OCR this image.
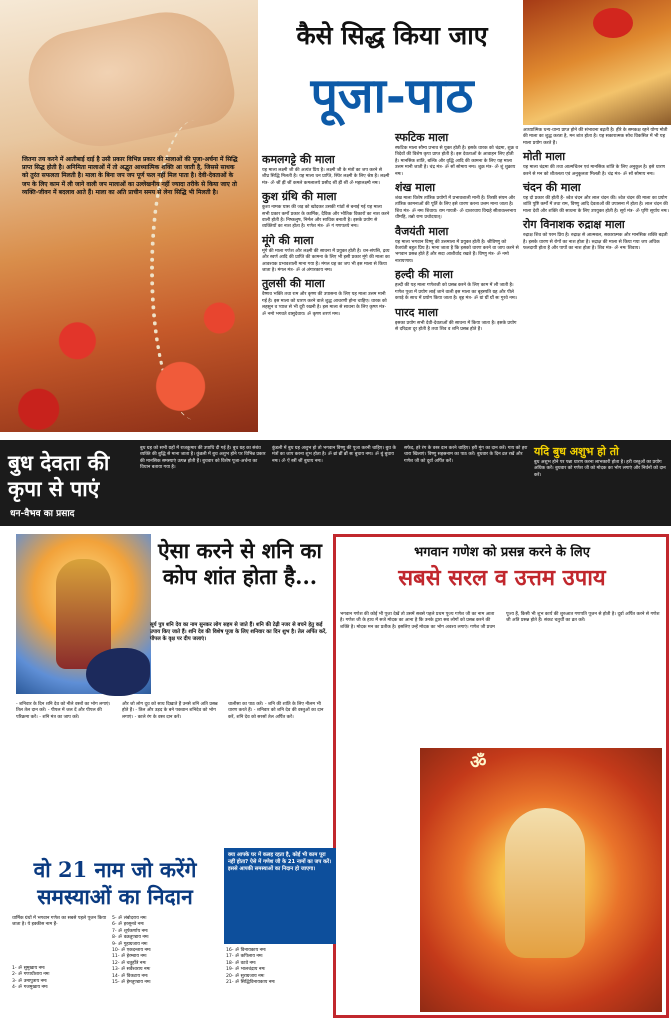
जितना तय करने में आतीबाई दाई है उसी प्रकार विभिन्न प्रकार की मालाओं की पूजा-अर्चना में सिद्धि प्राप्त सिद्ध होती है। अनिमिता मालाओं में तो अद्भुत आध्यात्मिक शक्ति आ जाती है, जिससे साधक को तुरंत सफलता मिलती है। माला के बिना जप जप पूर्ण फल नहीं मिल पाता है। देवी-देवताओं के जप के लिए काम में ली जाने वाली जप मालाओं का उल्लेखनीय नहीं ज्यादा तरीके से किया जाए तो व्यक्ति-जीवन में बदलाव आते हैं। माला का अति प्राचीन समय से लेना सिद्धि भी मिलती है।
कैसे सिद्ध किया जाए
पूजा-पाठ
कमलगट्टे की माला

यह माला लक्ष्मी जी की अत्यंत प्रिय है। लक्ष्मी जी के मंत्रों का जप करने से शीघ्र सिद्धि मिलती है। यह माला धन प्राप्ति, स्थिर लक्ष्मी के लिए श्रेष्ठ है। लक्ष्मी मंत्र- ॐ श्रीं ह्रीं श्रीं कमले कमलालये प्रसीद श्रीं ह्रीं श्रीं ॐ महालक्ष्म्यै नमः।

कुश ग्रंथि की माला

कुशा नामक घास की जड़ को खोदकर उसकी गांठों से बनाई गई यह माला सभी प्रकार कर्मों प्रकार के कार्मिक, दैविक और भौतिक विकारों का नाश करने वाली होती है। निष्कलुष, निर्मल और साधिक बनाती है। इसके प्रयोग से व्यक्तियों का नाश होता है। गणेश मंत्र- ॐ गं गणपतये नमः।

मूंगे की माला

मूंगे की माला गणेश और लक्ष्मी की साधना में प्रयुक्त होती है। धन-संपत्ति, द्रव्य और स्वर्ण आदि की प्राप्ति की कामना के लिए भी इसी प्रकार मूंगे की माला का आवश्यक प्रभावशाली माना गया है। मंगल ग्रह का जप भी इस माला से किया जाता है। मंगल मंत्र- ॐ अं अंगारकाय नमः।

तुलसी की माला

वैष्णव भक्ति तथा राम और कृष्ण की उपासना के लिए यह माला उत्तम मानी गई है। इस माला को धारण करने वाले शुद्ध आचरणी होना चाहिए। धारक को लहसुन व प्याज से भी दूरी रखनी है। इस माला से साधना के लिए कृष्ण मंत्र- ॐ नमो भगवते वासुदेवाय। ॐ कृष्ण शरणं ममः।

स्फटिक माला

स्फटिक माला सौम्य प्रभाव से युक्त होती है। इसके धारक को चंद्रमा, शुक्र व त्रिदेवों की विशेष कृपा प्राप्त होती है। इस देवताओं के आवाहन लिए होती है। मानसिक शांति, बल्कि और वृद्धि आदि की कामना के लिए यह माला उत्तम मानी जाती है। चंद्र मंत्र- ॐ सों सोमाय नमः। शुक्र मंत्र- ॐ शुं शुक्राय नमः।

शंख माला

शंख माला विशेष तांत्रिक प्रयोगों में प्रभावशाली मानी है। तिरछी संयम और तांत्रिक कामनाओं की पूर्ति के लिए इसे धारण करना उत्तम माना जाता है। शिव मंत्र- ॐ नमः शिवाय। राम गायत्री- ॐ दाशरथाय विद्महे सीतावल्लभाय धीमहि, तन्नो रामः प्रचोदयात्।

वैजयंती माला

यह माला भगवान विष्णु की उत्तमाला में प्रयुक्त होती है। श्रीविष्णु को वैजयंती बहुत प्रिय है। माना जाता है कि इसको धारण करने वा जाप करने से भगवान प्रसन्न होते हैं और सदा आशीर्वाद रखते हैं। विष्णु मंत्र- ॐ नमो नारायणाय।

हल्दी की माला

हल्दी की यह माला गणेशजी को प्रसन्न करने के लिए काम में ली जाती है। गणेश पूजा में प्रयोग लाई जाने वाली इस माला का बृहस्पति ग्रह और पीले कपड़े के साथ में प्रयोग किया जाता है। बृह मंत्र- ॐ ग्रां ग्रीं ग्रौं सः गुरवे नमः।

पारद माला

इसका प्रयोग सभी देवी-देवताओं की साधना में किया जाता है। इसके प्रयोग से दरिद्रता दूर होती है तथा शिव व शनि प्रसन्न होते हैं।

आध्यात्मिक धन्य-धान्य प्राप्त होने की संभावना बढ़ती है। हीरे के समकक्ष रहने योग्य मोती की माला का शुद्ध करता है, मन शांत होता है। यह सकारात्मक सोच विकसित में भी यह माला प्रयोग करते हैं।

मोती माला

यह माला चंद्रमा की तथा आत्मचिंतन एवं मानसिक शांति के लिए अनुकूल है। इसे धारण करने से मन को शीतलता एवं अनुकूलता मिलती है। चंद्र मंत्र- ॐ सों सोमाय नमः।

चंदन की माला

यह दो प्रकार की होती है- श्वेत चंदन और लाल चंदन की। श्वेत चंदन की माला का प्रयोग शांति पुष्टि कर्मों में तथा राम, विष्णु आदि देवताओं की उपासना में होता है। लाल चंदन की माला देवी और शक्ति की साधना के लिए उपयुक्त होती है। सूर्य मंत्र- ॐ घृणि सूर्याय नमः।

रोग विनाशक रुद्राक्ष माला

रुद्राक्ष शिव को परम प्रिय है। रुद्राक्ष से आत्मबल, सकारात्मक और मानसिक शक्ति बढ़ती है। इसके धारण से रोगों का नाश होता है। रुद्राक्ष की माला से किया गया जप अधिक फलदायी होता है और पापों का नाश होता है। शिव मंत्र- ॐ नमः शिवाय।

बुध देवता की कृपा से पाएं
धन-वैभव का प्रसाद
बुध ग्रह को सभी ग्रहों में राजकुमार की उपाधि दी गई है। बुध ग्रह का संबंध व्यक्ति की बुद्धि से माना जाता है। कुंडली में बुध अशुभ होने पर विभिन्न प्रकार की मानसिक समस्याएं उत्पन्न होती हैं। बुधवार को विशेष पूजा-अर्चना का विधान बताया गया है।
कुंडली में बुध ग्रह अशुभ हो तो भगवान विष्णु की पूजा करनी चाहिए। बुध के मंत्रों का जाप करना शुभ होता है। ॐ ब्रां ब्रीं ब्रौं सः बुधाय नमः। ॐ बुं बुधाय नमः। ॐ ऐं स्त्रीं श्रीं बुधाय नमः।
सफेद, हरे रंग के वस्त्र दान करने चाहिए। हरी मूंग का दान करें। गाय को हरा चारा खिलाएं। विष्णु सहस्रनाम का पाठ करें। बुधवार के दिन व्रत रखें और गणेश जी को दूर्वा अर्पित करें।
यदि बुध अशुभ हो तो
बुध अशुभ होने पर पन्ना धारण करना लाभकारी होता है। हरी वस्तुओं का प्रयोग अधिक करें। बुधवार को गणेश जी को मोदक का भोग लगाएं और निर्धनों को दान करें।
ऐसा करने से शनि का कोप शांत होता है...
सूर्य पुत्र शनि देव का नाम सुनकर लोग सहम से जाते हैं। शनि की टेढ़ी नजर से बचने हेतु कई उपाय किए जाते हैं। शनि देव की विशेष पूजा के लिए शनिवार का दिन शुभ है। तेल अर्पित करें, पीपल के वृक्ष पर दीप जलाएं।
- शनिवार के दिन शनि देव को नीले वस्त्रों का भोग लगाएं। तिल तेल दान करें। - पीपल में जल दें और पीपल की परिक्रमा करें। - शनि मंत्र का जाप करें।
और जो लोग दूध को साथ दिखाते हैं उनसे शनि अति प्रसन्न होते हैं। - तिल और उड़द के बने पकवान शनिदेव को भोग लगाएं। - काले रंग के वस्त्र दान करें।
चालीसा का पाठ करें। - शनि की शांति के लिए नीलम भी धारण करते हैं। - शनिवार को शनि देव की वस्तुओं का दान करें, शनि देव को सरसों तेल अर्पित करें।
भगवान गणेश को प्रसन्न करने के लिए
सबसे सरल व उत्तम उपाय
भगवान गणेश की कोई भी पूजा देखें तो उसमें सबसे पहले प्रथम पूज्य गणेश जी का नाम आता है। गणेश जी के हाथ में सजे मोदक का आना है कि उनके द्वारा सब लोगों को प्रसन्न करने की शक्ति है। मोदक मन का प्रतीक है। इसलिए उन्हें मोदक का भोग अवश्य लगाएं। गणेश जी प्रथम पूज्य हैं, किसी भी शुभ कार्य की शुरुआत गणपति पूजन से होती है। दूर्वा अर्पित करने से गणेश जी अति प्रसन्न होते हैं। संकट चतुर्थी का व्रत करें।
ॐ
वो 21 नाम जो करेंगे समस्याओं का निदान
क्या आपके घर में कलह रहता है, कोई भी काम पूरा नहीं होता? ऐसे में गणेश जी के 21 नामों का जप करें। इससे आपकी समस्याओं का निदान हो जाएगा।
धार्मिक ग्रंथों में भगवान गणेश का सबसे पहले पूजन किया जाता है। ये इक्कीस नाम हैं-
1- ॐ सुमुखाय नमः
2- ॐ गणाधीशाय नमः
3- ॐ उमापुत्राय नमः
4- ॐ गजमुखाय नमः
5- ॐ लंबोदराय नमः
6- ॐ हरसूनवे नमः
7- ॐ शूर्पकर्णाय नमः
8- ॐ वक्रतुण्डाय नमः
9- ॐ गुहाग्रजाय नमः
10- ॐ एकदन्ताय नमः
11- ॐ हेरम्बाय नमः
12- ॐ चतुर्होत्रे नमः
13- ॐ सर्वेश्वराय नमः
14- ॐ विकटाय नमः
15- ॐ हेमतुण्डाय नमः
16- ॐ विनायकाय नमः
17- ॐ कपिलाय नमः
18- ॐ वटवे नमः
19- ॐ भालचंद्राय नमः
20- ॐ सुराग्रजाय नमः
21- ॐ सिद्धिविनायकाय नमः
